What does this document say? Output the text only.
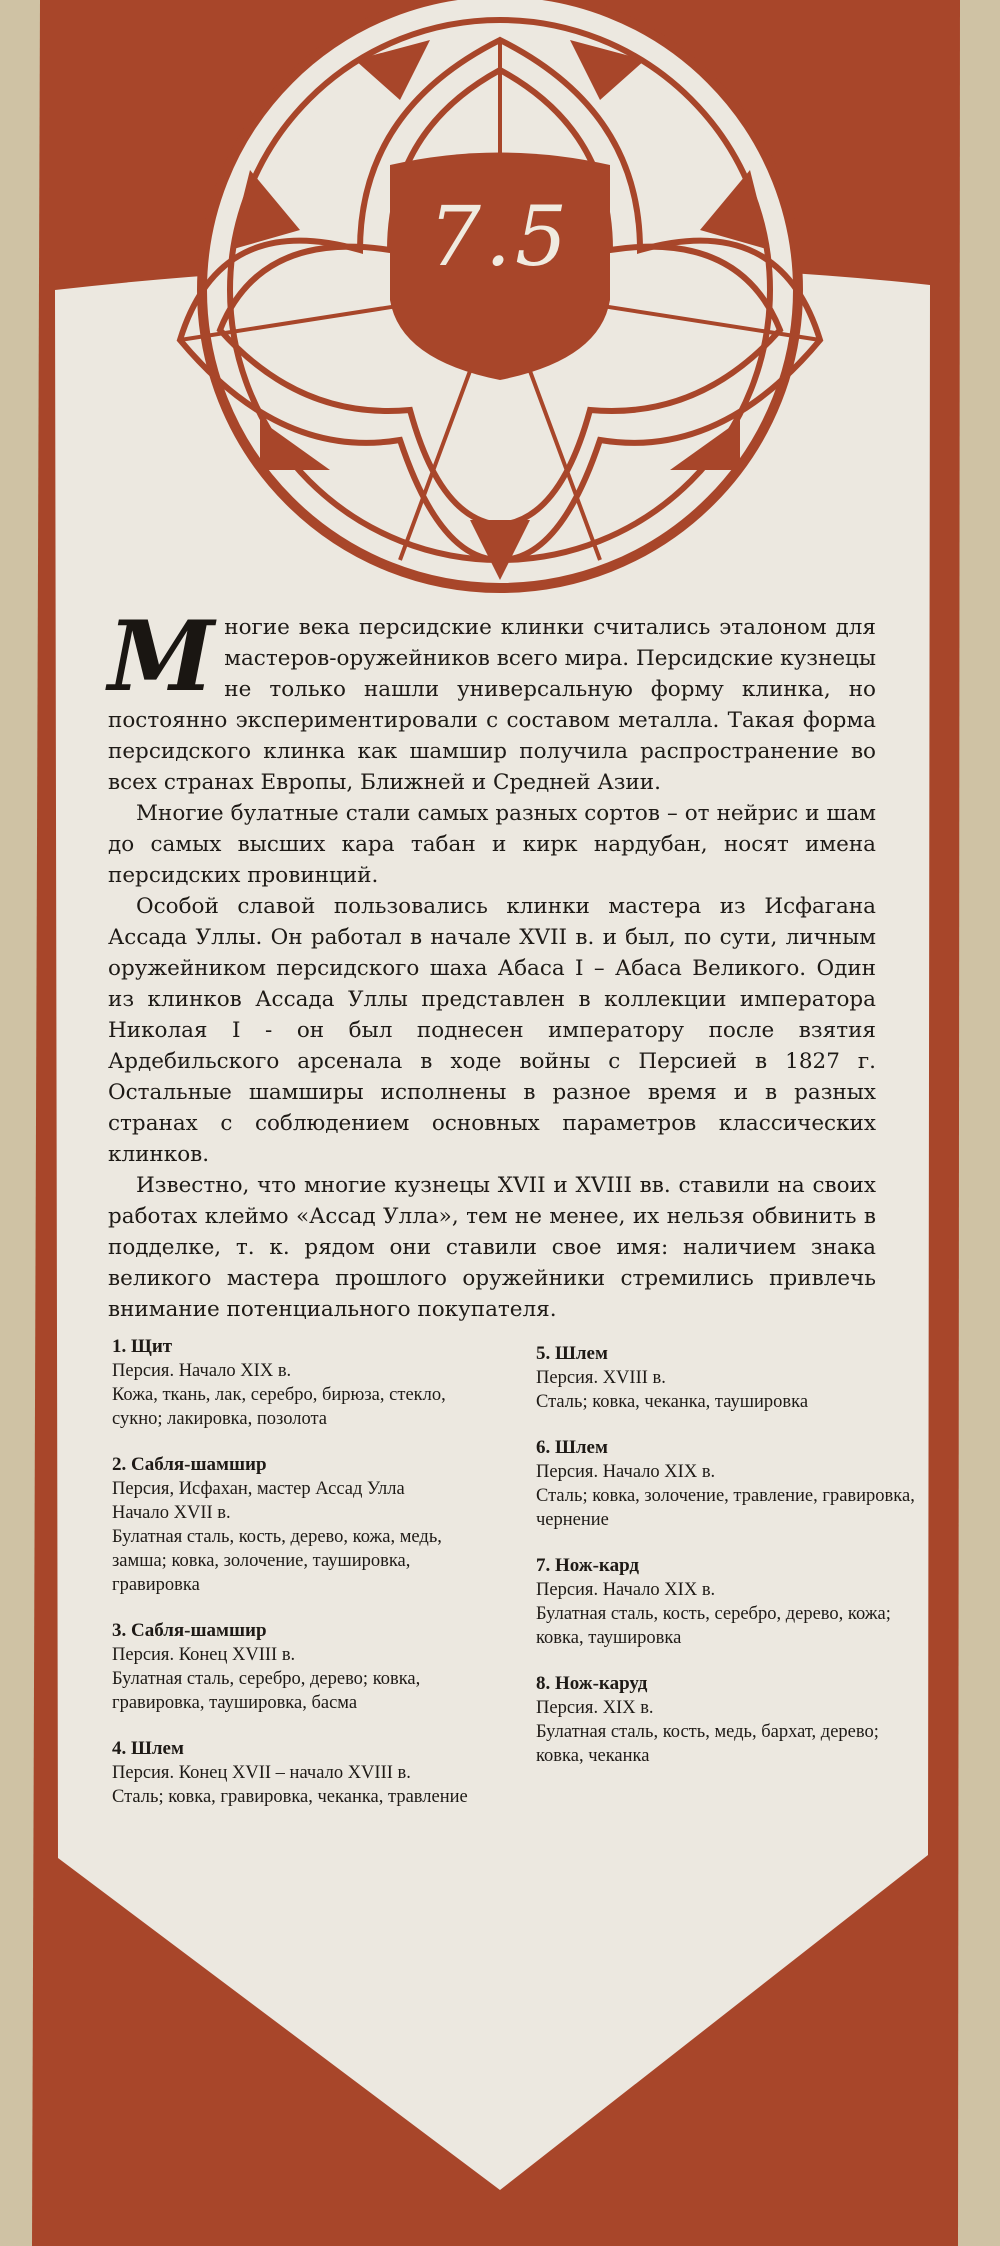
7.5
М ногие века персидские клинки считались эталоном для мастеров-оружейников всего мира. Персидские кузнецы не только нашли универсальную форму клинка, но постоянно экспериментировали с составом металла. Такая форма персидского клинка как шамшир получила распространение во всех странах Европы, Ближней и Средней Азии.

Многие булатные стали самых разных сортов – от нейрис и шам до самых высших кара табан и кирк нардубан, носят имена персидских провинций.

Особой славой пользовались клинки мастера из Исфагана Ассада Уллы. Он работал в начале XVII в. и был, по сути, личным оружейником персидского шаха Абаса I – Абаса Великого. Один из клинков Ассада Уллы представлен в коллекции императора Николая I - он был поднесен императору после взятия Ардебильского арсенала в ходе войны с Персией в 1827 г. Остальные шамширы исполнены в разное время и в разных странах с соблюдением основных параметров классических клинков.

Известно, что многие кузнецы XVII и XVIII вв. ставили на своих работах клеймо «Ассад Улла», тем не менее, их нельзя обвинить в подделке, т. к. рядом они ставили свое имя: наличием знака великого мастера прошлого оружейники стремились привлечь внимание потенциального покупателя.

1. Щит
Персия. Начало XIX в.
Кожа, ткань, лак, серебро, бирюза, стекло, сукно; лакировка, позолота
2. Сабля-шамшир
Персия, Исфахан, мастер Ассад Улла
Начало XVII в.
Булатная сталь, кость, дерево, кожа, медь, замша; ковка, золочение, таушировка, гравировка
3. Сабля-шамшир
Персия. Конец XVIII в.
Булатная сталь, серебро, дерево; ковка, гравировка, таушировка, басма
4. Шлем
Персия. Конец XVII – начало XVIII в.
Сталь; ковка, гравировка, чеканка, травление
5. Шлем
Персия. XVIII в.
Сталь; ковка, чеканка, таушировка
6. Шлем
Персия. Начало XIX в.
Сталь; ковка, золочение, травление, гравировка, чернение
7. Нож-кард
Персия. Начало XIX в.
Булатная сталь, кость, серебро, дерево, кожа; ковка, таушировка
8. Нож-каруд
Персия. XIX в.
Булатная сталь, кость, медь, бархат, дерево; ковка, чеканка
